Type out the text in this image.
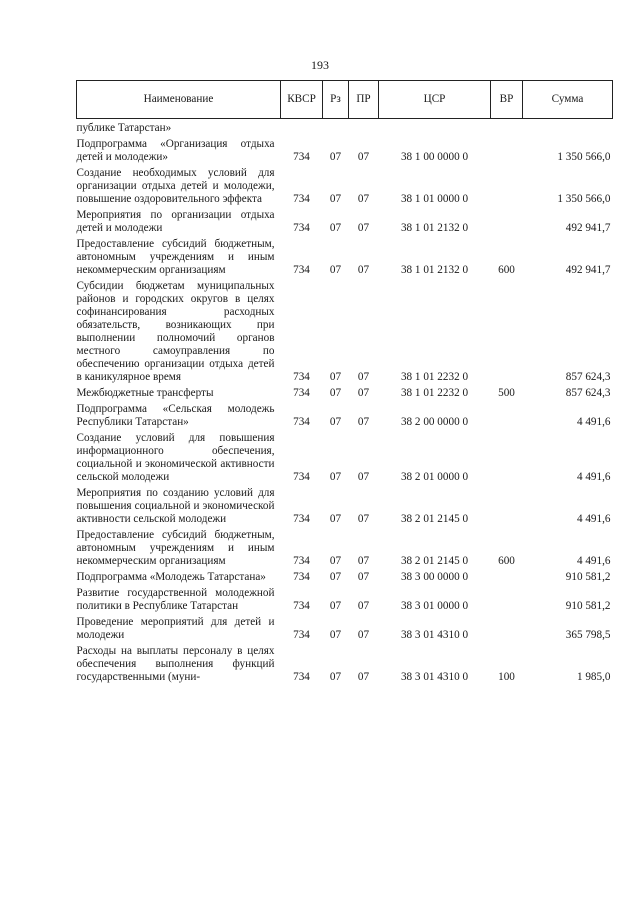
193
Наименование	КВСР	Рз	ПР	ЦСР	ВР	Сумма
публике Татарстан»						
Подпрограмма «Организация отдыха детей и молодежи»	734	07	07	38 1 00 0000 0		1 350 566,0
Создание необходимых условий для организации отдыха детей и молодежи, повышение оздоровительного эффекта	734	07	07	38 1 01 0000 0		1 350 566,0
Мероприятия по организации отдыха детей и молодежи	734	07	07	38 1 01 2132 0		492 941,7
Предоставление субсидий бюджетным, автономным учреждениям и иным некоммерческим организациям	734	07	07	38 1 01 2132 0	600	492 941,7
Субсидии бюджетам муниципальных районов и городских округов в целях софинансирования расходных обязательств, возникающих при выполнении полномочий органов местного самоуправления по обеспечению организации отдыха детей в каникулярное время	734	07	07	38 1 01 2232 0		857 624,3
Межбюджетные трансферты	734	07	07	38 1 01 2232 0	500	857 624,3
Подпрограмма «Сельская молодежь Республики Татарстан»	734	07	07	38 2 00 0000 0		4 491,6
Создание условий для повышения информационного обеспечения, социальной и экономической активности сельской молодежи	734	07	07	38 2 01 0000 0		4 491,6
Мероприятия по созданию условий для повышения социальной и экономической активности сельской молодежи	734	07	07	38 2 01 2145 0		4 491,6
Предоставление субсидий бюджетным, автономным учреждениям и иным некоммерческим организациям	734	07	07	38 2 01 2145 0	600	4 491,6
Подпрограмма «Молодежь Татарстана»	734	07	07	38 3 00 0000 0		910 581,2
Развитие государственной молодежной политики в Республике Татарстан	734	07	07	38 3 01 0000 0		910 581,2
Проведение мероприятий для детей и молодежи	734	07	07	38 3 01 4310 0		365 798,5
Расходы на выплаты персоналу в целях обеспечения выполнения функций государственными (муни-	734	07	07	38 3 01 4310 0	100	1 985,0
